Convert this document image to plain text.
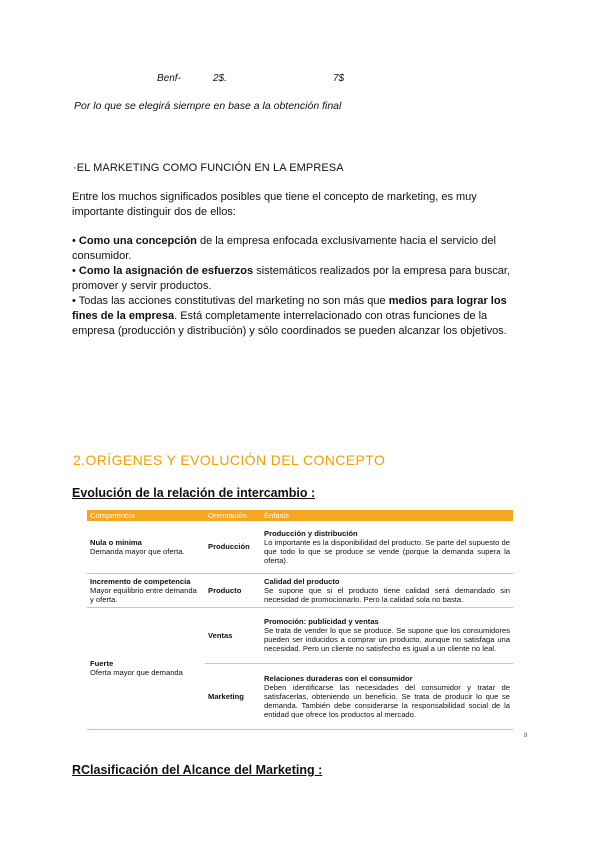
Benf-	2$.	7$
Por lo que se elegirá siempre en base a la obtención final
·EL MARKETING COMO FUNCIÓN EN LA EMPRESA
Entre los muchos significados posibles que tiene el concepto de marketing, es muy importante distinguir dos de ellos:
• Como una concepción de la empresa enfocada exclusivamente hacia el servicio del consumidor.
• Como la asignación de esfuerzos sistemáticos realizados por la empresa para buscar, promover y servir productos.
• Todas las acciones constitutivas del marketing no son más que medios para lograr los fines de la empresa. Está completamente interrelacionado con otras funciones de la empresa (producción y distribución) y sólo coordinados se pueden alcanzar los objetivos.
2.ORÍGENES Y EVOLUCIÓN DEL CONCEPTO
Evolución de la relación de intercambio :
Competencia	Orientación	Énfasis

Nula o mínima
Demanda mayor que oferta.	Producción	Producción y distribución
Lo importante es la disponibilidad del producto. Se parte del supuesto de que todo lo que se produce se vende (porque la demanda supera la oferta).

Incremento de competencia
Mayor equilibrio entre demanda y oferta.	Producto	Calidad del producto
Se supone que si el producto tiene calidad será demandado sin necesidad de promocionarlo. Pero la calidad sola no basta.

Fuerte
Oferta mayor que demanda	Ventas	Promoción: publicidad y ventas
Se trata de vender lo que se produce. Se supone que los consumidores pueden ser inducidos a comprar un producto, aunque no satisfaga una necesidad. Pero un cliente no satisfecho es igual a un cliente no leal.
	Marketing	Relaciones duraderas con el consumidor
Deben identificarse las necesidades del consumidor y tratar de satisfacerlas, obteniendo un beneficio. Se trata de producir lo que se demanda. También debe considerarse la responsabilidad social de la entidad que ofrece los productos al mercado.
8
RClasificación del Alcance del Marketing :
